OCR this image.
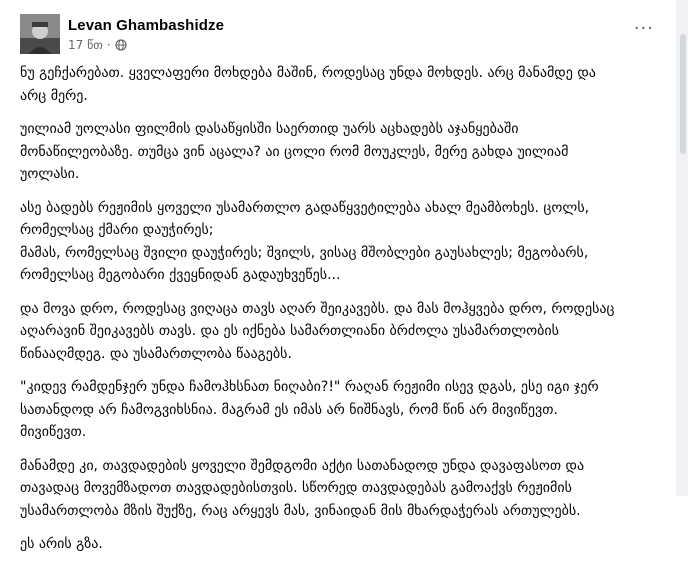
Levan Ghambashidze
17 წთ ·
···

ნუ გეჩქარებათ. ყველაფერი მოხდება მაშინ, როდესაც უნდა მოხდეს. არც მანამდე და
არც მერე.

უილიამ უოლასი ფილმის დასაწყისში საერთიდ უარს აცხადებს აჯანყებაში
მონაწილეობაზე. თუმცა ვინ აცალა? აი ცოლი რომ მოუკლეს, მერე გახდა უილიამ
უოლასი.

ასე ბადებს რეჟიმის ყოველი უსამართლო გადაწყვეტილება ახალ მეამბოხეს. ცოლს,
რომელსაც ქმარი დაუჭირეს;
მამას, რომელსაც შვილი დაუჭირეს; შვილს, ვისაც მშობლები გაუსახლეს; მეგობარს,
რომელსაც მეგობარი ქვეყნიდან გადაუხვეწეს...

და მოვა დრო, როდესაც ვიღაცა თავს აღარ შეიკავებს. და მას მოჰყვება დრო, როდესაც
აღარავინ შეიკავებს თავს. და ეს იქნება სამართლიანი ბრძოლა უსამართლობის
წინააღმდეგ. და უსამართლობა წააგებს.

"კიდევ რამდენჯერ უნდა ჩამოჰხსნათ ნიღაბი?!" რაღან რეჟიმი ისევ დგას, ესე იგი ჯერ
სათანდოდ არ ჩამოგვიხსნია. მაგრამ ეს იმას არ ნიშნავს, რომ წინ არ მივიწევთ.
მივიწევთ.

მანამდე კი, თავდადების ყოველი შემდგომი აქტი სათანადოდ უნდა დავაფასოთ და
თავადაც მოვემზადოთ თავდადებისთვის. სწორედ თავდადებას გამოაქვს რეჟიმის
უსამართლობა მზის შუქზე, რაც არყევს მას, ვინაიდან მის მხარდაჭერას ართულებს.

ეს არის გზა.
